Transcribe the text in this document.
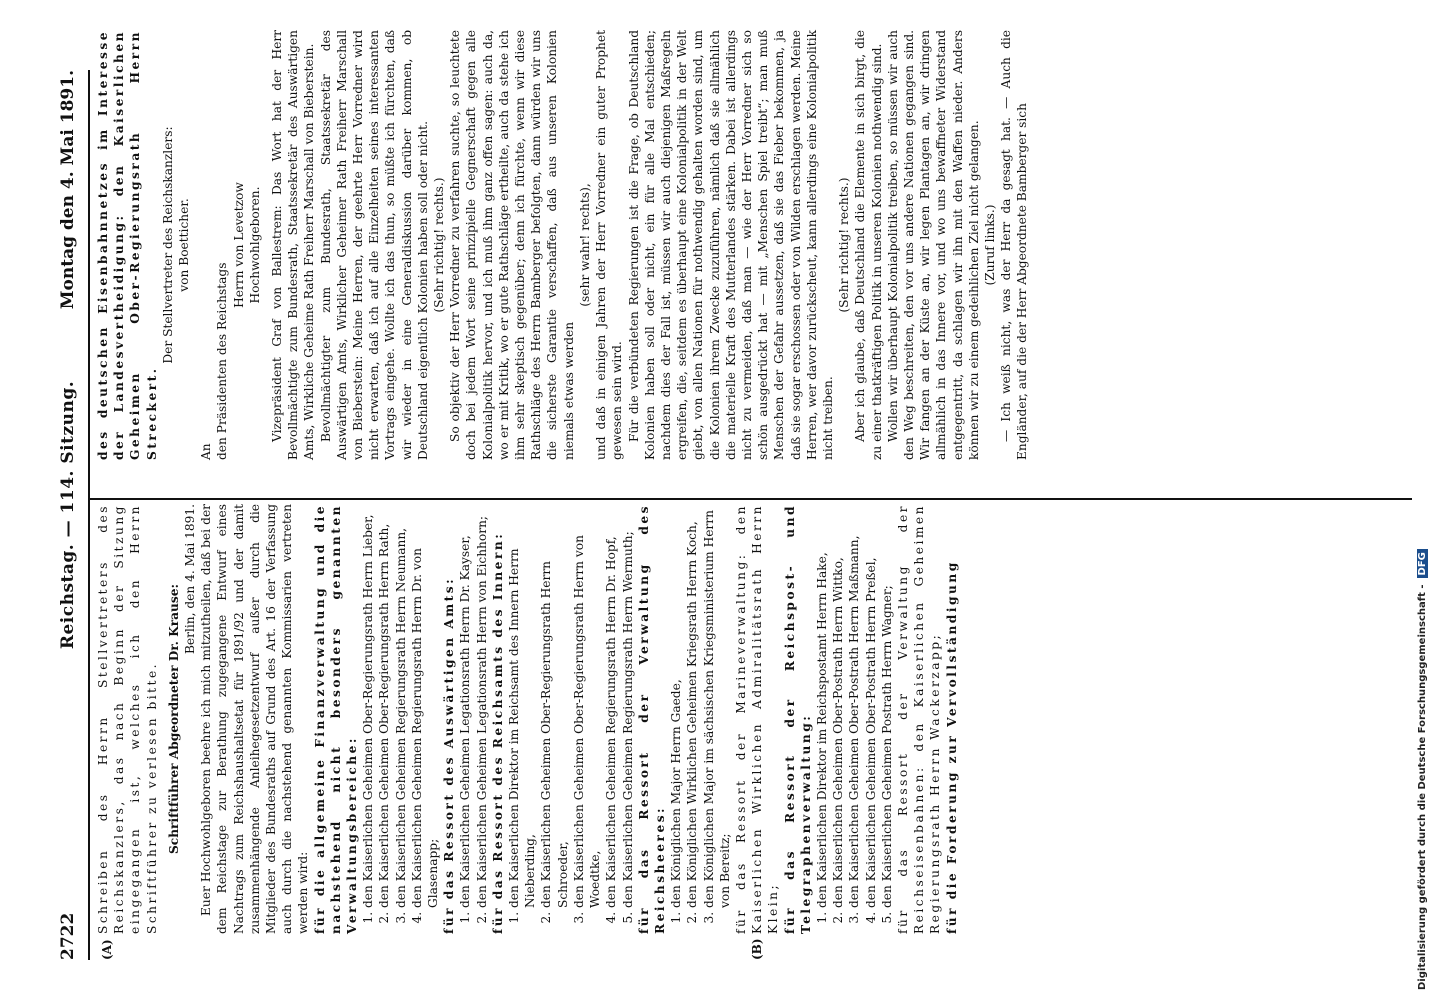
2722
Reichstag. — 114. Sitzung.
Montag den 4. Mai 1891.
(A)	(B)

Schreiben des Herrn Stellvertreters des Reichskanzlers, das nach Beginn der Sitzung eingegangen ist, welches ich den Herrn Schriftführer zu verlesen bitte. Schriftführer Abgeordneter Dr. Krause:

Berlin, den 4. Mai 1891. Euer Hochwohlgeboren beehre ich mich mitzutheilen, daß bei der dem Reichstage zur Berathung zugegangene Entwurf eines Nachtrags zum Reichshaushaltsetat für 1891/92 und der damit zusammenhängende Anleihegesetzentwurf außer durch die Mitglieder des Bundesraths auf Grund des Art. 16 der Verfassung auch durch die nachstehend genannten Kommissarien vertreten werden wird: für die allgemeine Finanzverwaltung und die nachstehend nicht besonders genannten Verwaltungsbereiche: 1. den Kaiserlichen Geheimen Ober-Regierungsrath Herrn Lieber, 2. den Kaiserlichen Geheimen Ober-Regierungsrath Herrn Rath, 3. den Kaiserlichen Geheimen Regierungsrath Herrn Neumann, 4. den Kaiserlichen Geheimen Regierungsrath Herrn Dr. von Glasenapp; für das Ressort des Auswärtigen Amts: 1. den Kaiserlichen Geheimen Legationsrath Herrn Dr. Kayser, 2. den Kaiserlichen Geheimen Legationsrath Herrn von Eichhorn; für das Ressort des Reichsamts des Innern: 1. den Kaiserlichen Direktor im Reichsamt des Innern Herrn Nieberding, 2. den Kaiserlichen Geheimen Ober-Regierungsrath Herrn Schroeder, 3. den Kaiserlichen Geheimen Ober-Regierungsrath Herrn von Woedtke, 4. den Kaiserlichen Geheimen Regierungsrath Herrn Dr. Hopf, 5. den Kaiserlichen Geheimen Regierungsrath Herrn Wermuth; für das Ressort der Verwaltung des Reichsheeres: 1. den Königlichen Major Herrn Gaede, 2. den Königlichen Wirklichen Geheimen Kriegsrath Herrn Koch, 3. den Königlichen Major im sächsischen Kriegsministerium Herrn von Bereitz; für das Ressort der Marineverwaltung: den Kaiserlichen Wirklichen Admiralitätsrath Herrn Klein; für das Ressort der Reichspost- und Telegraphenverwaltung: 1. den Kaiserlichen Direktor im Reichspostamt Herrn Hake, 2. den Kaiserlichen Geheimen Ober-Postrath Herrn Wittko, 3. den Kaiserlichen Geheimen Ober-Postrath Herrn Maßmann, 4. den Kaiserlichen Geheimen Ober-Postrath Herrn Preßel, 5. den Kaiserlichen Geheimen Postrath Herrn Wagner; für das Ressort der Verwaltung der Reichseisenbahnen: den Kaiserlichen Geheimen Regierungsrath Herrn Wackerzapp; für die Forderung zur Vervollständigung

des deutschen Eisenbahnnetzes im Interesse der Landesvertheidigung: den Kaiserlichen Geheimen Ober-Regierungsrath Herrn Streckert.

Der Stellvertreter des Reichskanzlers: von Boetticher.

An den Präsidenten des Reichstags

Herrn von Levetzow Hochwohlgeboren. Vizepräsident Graf von Ballestrem: Das Wort hat der Herr Bevollmächtigte zum Bundesrath, Staatssekretär des Auswärtigen Amts, Wirkliche Geheime Rath Freiherr Marschall von Bieberstein. Bevollmächtigter zum Bundesrath, Staatssekretär des Auswärtigen Amts, Wirklicher Geheimer Rath Freiherr Marschall von Bieberstein: Meine Herren, der geehrte Herr Vorredner wird nicht erwarten, daß ich auf alle Einzelheiten seines interessanten Vortrags eingehe. Wollte ich das thun, so müßte ich fürchten, daß wir wieder in eine Generaldiskussion darüber kommen, ob Deutschland eigentlich Kolonien haben soll oder nicht. (Sehr richtig! rechts.) So objektiv der Herr Vorredner zu verfahren suchte, so leuchtete doch bei jedem Wort seine prinzipielle Gegnerschaft gegen alle Kolonialpolitik hervor, und ich muß ihm ganz offen sagen: auch da, wo er mit Kritik, wo er gute Rathschläge ertheilte, auch da stehe ich ihm sehr skeptisch gegenüber; denn ich fürchte, wenn wir diese Rathschläge des Herrn Bamberger befolgten, dann würden wir uns die sicherste Garantie verschaffen, daß aus unseren Kolonien niemals etwas werden

(sehr wahr! rechts), und daß in einigen Jahren der Herr Vorredner ein guter Prophet gewesen sein wird. Für die verbündeten Regierungen ist die Frage, ob Deutschland Kolonien haben soll oder nicht, ein für alle Mal entschieden; nachdem dies der Fall ist, müssen wir auch diejenigen Maßregeln ergreifen, die, seitdem es überhaupt eine Kolonialpolitik in der Welt giebt, von allen Nationen für nothwendig gehalten worden sind, um die Kolonien ihrem Zwecke zuzuführen, nämlich daß sie allmählich die materielle Kraft des Mutterlandes stärken. Dabei ist allerdings nicht zu vermeiden, daß man — wie der Herr Vorredner sich so schön ausgedrückt hat — mit „Menschen Spiel treibt“; man muß Menschen der Gefahr aussetzen, daß sie das Fieber bekommen, ja daß sie sogar erschossen oder von Wilden erschlagen werden. Meine Herren, wer davor zurückscheut, kann allerdings eine Kolonialpolitik nicht treiben.

(Sehr richtig! rechts.) Aber ich glaube, daß Deutschland die Elemente in sich birgt, die zu einer thatkräftigen Politik in unseren Kolonien nothwendig sind. Wollen wir überhaupt Kolonialpolitik treiben, so müssen wir auch den Weg beschreiten, den vor uns andere Nationen gegangen sind. Wir fangen an der Küste an, wir legen Plantagen an, wir dringen allmählich in das Innere vor, und wo uns bewaffneter Widerstand entgegentritt, da schlagen wir ihn mit den Waffen nieder. Anders können wir zu einem gedeihlichen Ziel nicht gelangen. (Zuruf links.) — Ich weiß nicht, was der Herr da gesagt hat. — Auch die Engländer, auf die der Herr Abgeordnete Bamberger sich

Digitalisierung gefördert durch die Deutsche Forschungsgemeinschaft -DFG
